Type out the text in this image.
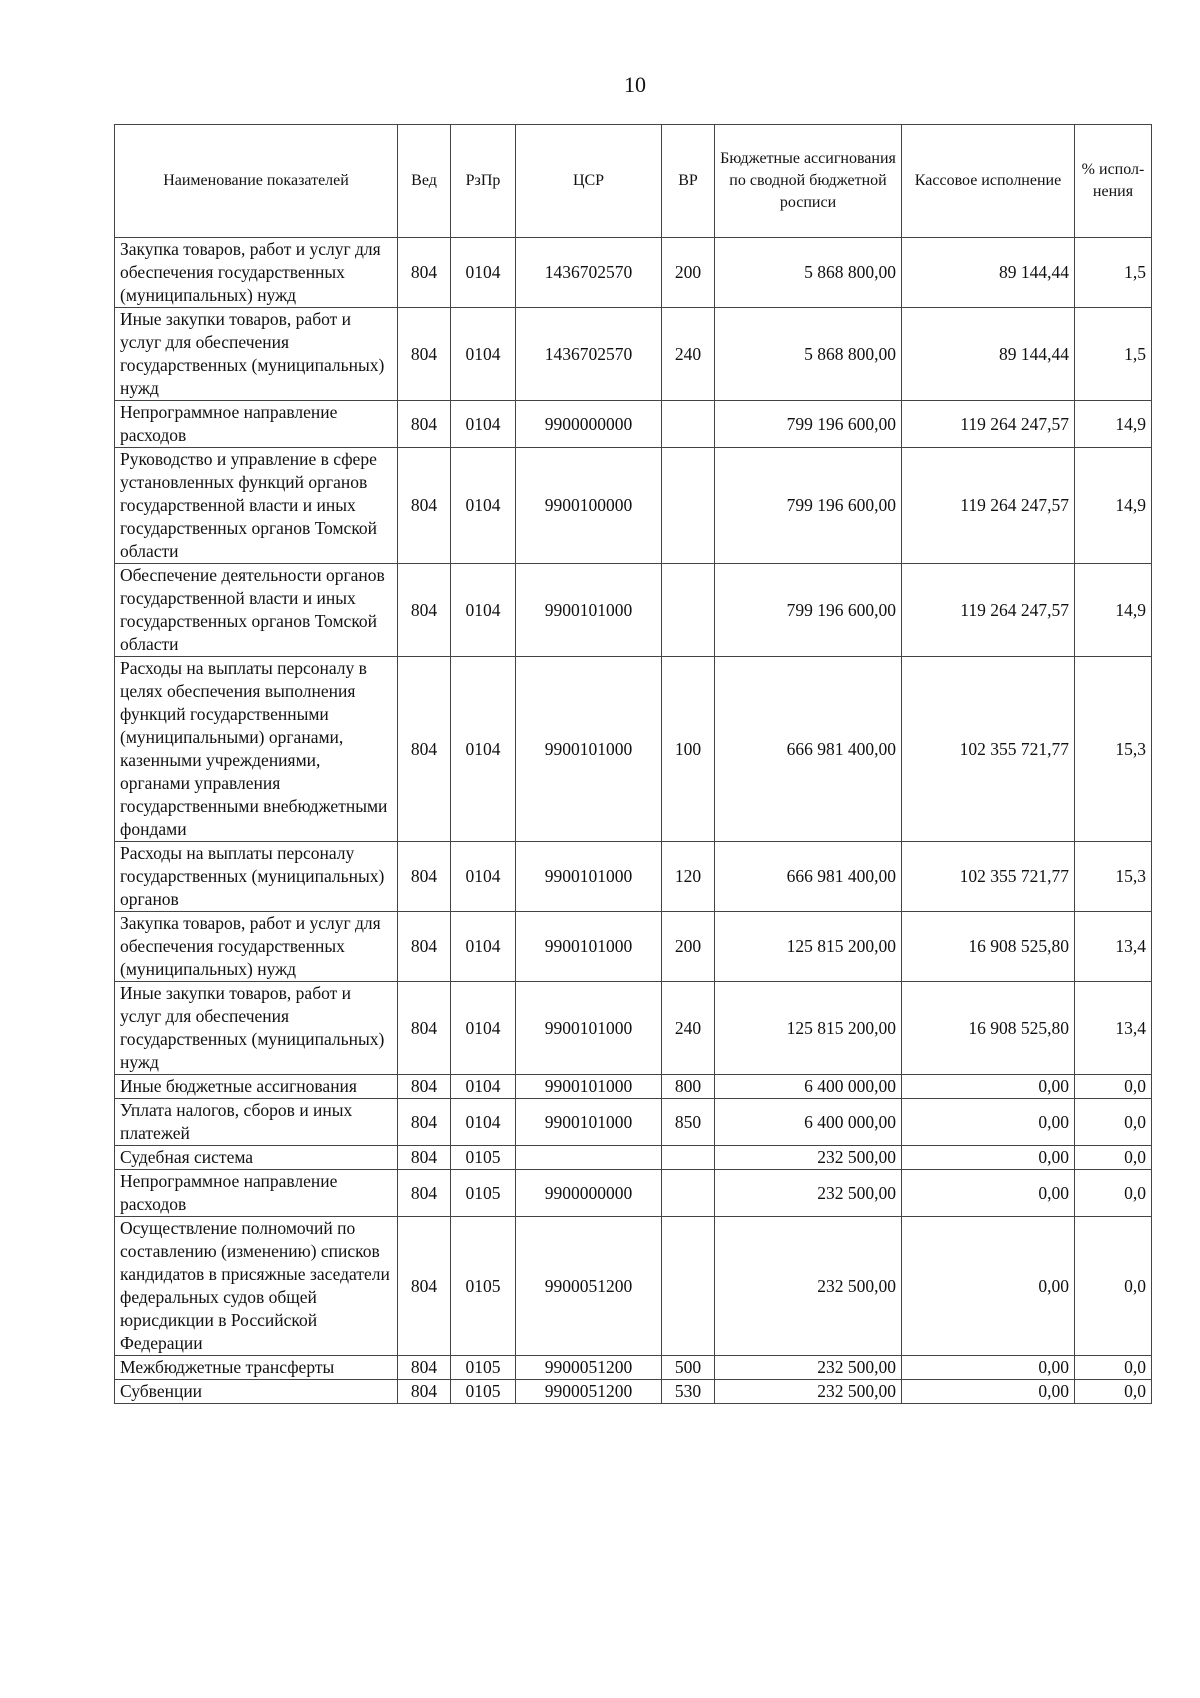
10
Наименование показателей	Вед	РзПр	ЦСР	ВР	Бюджетные ассигнования по сводной бюджетной росписи	Кассовое исполнение	% испол-нения
Закупка товаров, работ и услуг для обеспечения государственных (муниципальных) нужд	804	0104	1436702570	200	5 868 800,00	89 144,44	1,5
Иные закупки товаров, работ и услуг для обеспечения государственных (муниципальных) нужд	804	0104	1436702570	240	5 868 800,00	89 144,44	1,5
Непрограммное направление расходов	804	0104	9900000000		799 196 600,00	119 264 247,57	14,9
Руководство и управление в сфере установленных функций органов государственной власти и иных государственных органов Томской области	804	0104	9900100000		799 196 600,00	119 264 247,57	14,9
Обеспечение деятельности органов государственной власти и иных государственных органов Томской области	804	0104	9900101000		799 196 600,00	119 264 247,57	14,9
Расходы на выплаты персоналу в целях обеспечения выполнения функций государственными (муниципальными) органами, казенными учреждениями, органами управления государственными внебюджетными фондами	804	0104	9900101000	100	666 981 400,00	102 355 721,77	15,3
Расходы на выплаты персоналу государственных (муниципальных) органов	804	0104	9900101000	120	666 981 400,00	102 355 721,77	15,3
Закупка товаров, работ и услуг для обеспечения государственных (муниципальных) нужд	804	0104	9900101000	200	125 815 200,00	16 908 525,80	13,4
Иные закупки товаров, работ и услуг для обеспечения государственных (муниципальных) нужд	804	0104	9900101000	240	125 815 200,00	16 908 525,80	13,4
Иные бюджетные ассигнования	804	0104	9900101000	800	6 400 000,00	0,00	0,0
Уплата налогов, сборов и иных платежей	804	0104	9900101000	850	6 400 000,00	0,00	0,0
Судебная система	804	0105			232 500,00	0,00	0,0
Непрограммное направление расходов	804	0105	9900000000		232 500,00	0,00	0,0
Осуществление полномочий по составлению (изменению) списков кандидатов в присяжные заседатели федеральных судов общей юрисдикции в Российской Федерации	804	0105	9900051200		232 500,00	0,00	0,0
Межбюджетные трансферты	804	0105	9900051200	500	232 500,00	0,00	0,0
Субвенции	804	0105	9900051200	530	232 500,00	0,00	0,0
